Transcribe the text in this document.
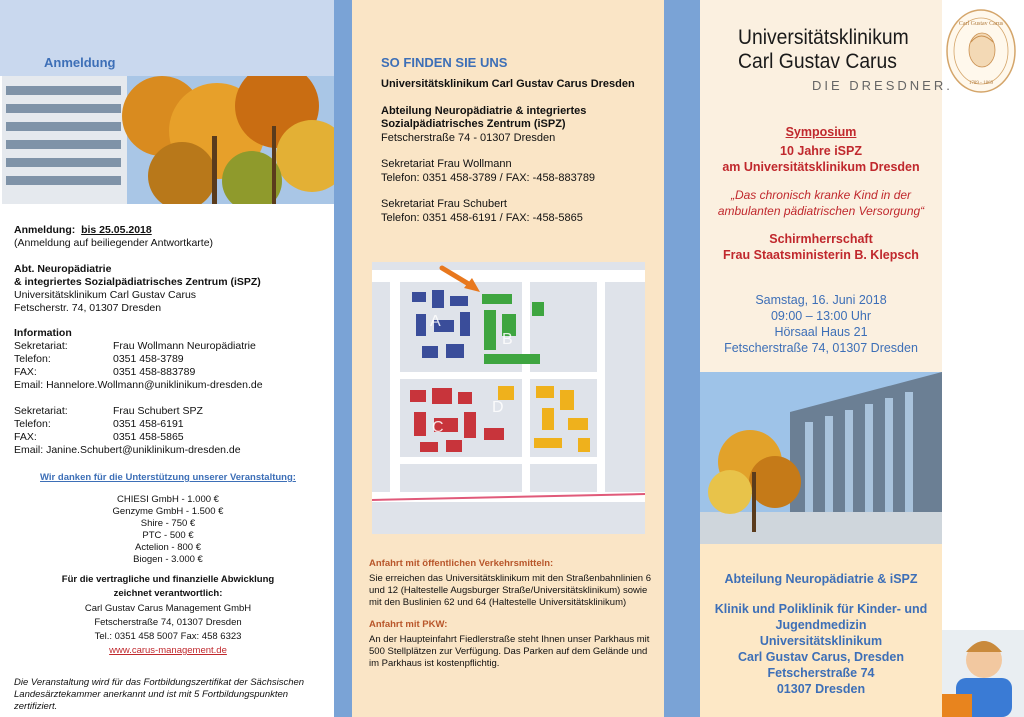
Anmeldung
Anmeldung: bis 25.05.2018
(Anmeldung auf beiliegender Antwortkarte)
Abt. Neuropädiatrie
& integriertes Sozialpädiatrisches Zentrum (iSPZ)
Universitätsklinikum Carl Gustav Carus
Fetscherstr. 74, 01307 Dresden
Information
Sekretariat:	Frau Wollmann Neuropädiatrie
Telefon:	0351 458-3789
FAX:	0351 458-883789
Email: Hannelore.Wollmann@uniklinikum-dresden.de
Sekretariat:	Frau Schubert SPZ
Telefon:	0351 458-6191
FAX:	0351 458-5865
Email: Janine.Schubert@uniklinikum-dresden.de
Wir danken für die Unterstützung unserer Veranstaltung:
CHIESI GmbH - 1.000 €
Genzyme GmbH - 1.500 €
Shire - 750 €
PTC - 500 €
Actelion - 800 €
Biogen - 3.000 €
Für die vertragliche und finanzielle Abwicklung
zeichnet verantwortlich:
Carl Gustav Carus Management GmbH
Fetscherstraße 74, 01307 Dresden
Tel.: 0351 458 5007 Fax: 458 6323
www.carus-management.de
Die Veranstaltung wird für das Fortbildungszertifikat der Sächsischen Landesärztekammer anerkannt und ist mit 5 Fortbildungspunkten zertifiziert.
SO FINDEN SIE UNS
Universitätsklinikum Carl Gustav Carus Dresden
Abteilung Neuropädiatrie & integriertes
Sozialpädiatrisches Zentrum (iSPZ)
Fetscherstraße 74 - 01307 Dresden
Sekretariat Frau Wollmann
Telefon: 0351 458-3789 / FAX: -458-883789
Sekretariat Frau Schubert
Telefon: 0351 458-6191 / FAX: -458-5865
A
B
C
D
Anfahrt mit öffentlichen Verkehrsmitteln:
Sie erreichen das Universitätsklinikum mit den Straßenbahnlinien 6 und 12 (Haltestelle Augsburger Straße/Universitätsklinikum) sowie mit den Buslinien 62 und 64 (Haltestelle Universitätsklinikum)
Anfahrt mit PKW:
An der Haupteinfahrt Fiedlerstraße steht Ihnen unser Parkhaus mit 500 Stellplätzen zur Verfügung. Das Parken auf dem Gelände und im Parkhaus ist kostenpflichtig.
Universitätsklinikum
Carl Gustav Carus
DIE DRESDNER.
Carl Gustav Carus
1789 - 1869
Symposium
10 Jahre iSPZ
am Universitätsklinikum Dresden
„Das chronisch kranke Kind in der
ambulanten pädiatrischen Versorgung“
Schirmherrschaft
Frau Staatsministerin B. Klepsch
Samstag, 16. Juni 2018
09:00 – 13:00 Uhr
Hörsaal Haus 21
Fetscherstraße 74, 01307 Dresden
Abteilung Neuropädiatrie & iSPZ
Klinik und Poliklinik für Kinder- und
Jugendmedizin
Universitätsklinikum
Carl Gustav Carus, Dresden
Fetscherstraße 74
01307 Dresden
